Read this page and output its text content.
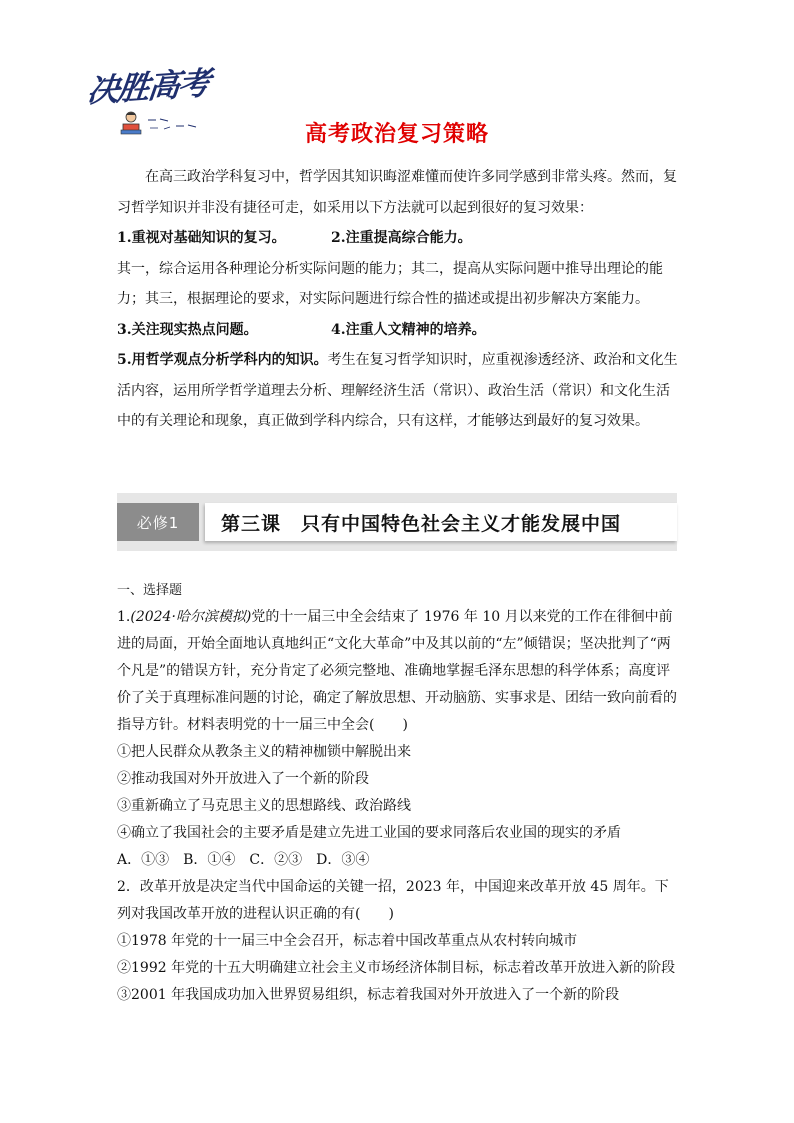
决胜高考
高考政治复习策略

在高三政治学科复习中，哲学因其知识晦涩难懂而使许多同学感到非常头疼。然而，复习哲学知识并非没有捷径可走，如采用以下方法就可以起到很好的复习效果：

1.重视对基础知识的复习。	2.注重提高综合能力。

其一，综合运用各种理论分析实际问题的能力；其二，提高从实际问题中推导出理论的能力；其三，根据理论的要求，对实际问题进行综合性的描述或提出初步解决方案能力。

3.关注现实热点问题。	4.注重人文精神的培养。

5.用哲学观点分析学科内的知识。考生在复习哲学知识时，应重视渗透经济、政治和文化生活内容，运用所学哲学道理去分析、理解经济生活（常识）、政治生活（常识）和文化生活中的有关理论和现象，真正做到学科内综合，只有这样，才能够达到最好的复习效果。

必修1	第三课　只有中国特色社会主义才能发展中国

一、选择题

1.(2024·哈尔滨模拟)党的十一届三中全会结束了 1976 年 10 月以来党的工作在徘徊中前进的局面，开始全面地认真地纠正“文化大革命”中及其以前的“左”倾错误；坚决批判了“两个凡是”的错误方针，充分肯定了必须完整地、准确地掌握毛泽东思想的科学体系；高度评价了关于真理标准问题的讨论，确定了解放思想、开动脑筋、实事求是、团结一致向前看的指导方针。材料表明党的十一届三中全会(　　)

①把人民群众从教条主义的精神枷锁中解脱出来

②推动我国对外开放进入了一个新的阶段

③重新确立了马克思主义的思想路线、政治路线

④确立了我国社会的主要矛盾是建立先进工业国的要求同落后农业国的现实的矛盾

A．①③　B．①④　C．②③　D．③④

2．改革开放是决定当代中国命运的关键一招，2023 年，中国迎来改革开放 45 周年。下列对我国改革开放的进程认识正确的有(　　)

①1978 年党的十一届三中全会召开，标志着中国改革重点从农村转向城市

②1992 年党的十五大明确建立社会主义市场经济体制目标，标志着改革开放进入新的阶段

③2001 年我国成功加入世界贸易组织，标志着我国对外开放进入了一个新的阶段
